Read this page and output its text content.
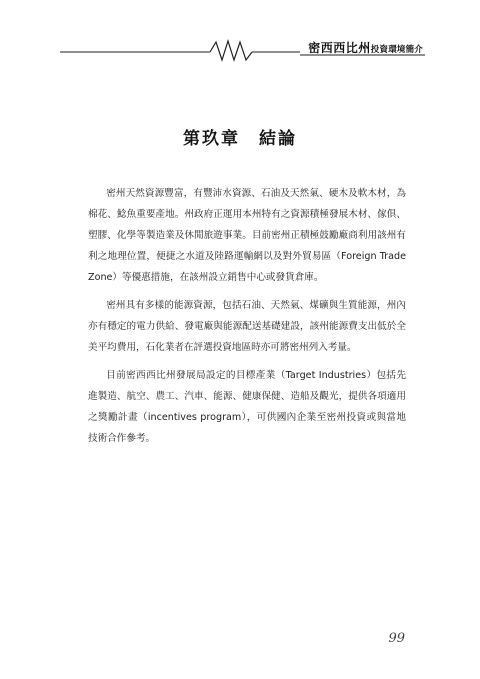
密西西比州投資環境簡介
第玖章　結論

密州天然資源豐富，有豐沛水資源、石油及天然氣、硬木及軟木材，為棉花、鯰魚重要產地。州政府正運用本州特有之資源積極發展木材、傢俱、塑膠、化學等製造業及休閒旅遊事業。目前密州正積極鼓勵廠商利用該州有利之地理位置，便捷之水道及陸路運輸網以及對外貿易區（Foreign Trade Zone）等優惠措施，在該州設立銷售中心或發貨倉庫。

密州具有多樣的能源資源，包括石油、天然氣、煤礦與生質能源，州內亦有穩定的電力供給、發電廠與能源配送基礎建設，該州能源費支出低於全美平均費用，石化業者在評選投資地區時亦可將密州列入考量。

目前密西西比州發展局設定的目標產業（Target Industries）包括先進製造、航空、農工、汽車、能源、健康保健、造船及觀光，提供各項適用之獎勵計畫（incentives program），可供國內企業至密州投資或與當地技術合作參考。

99
